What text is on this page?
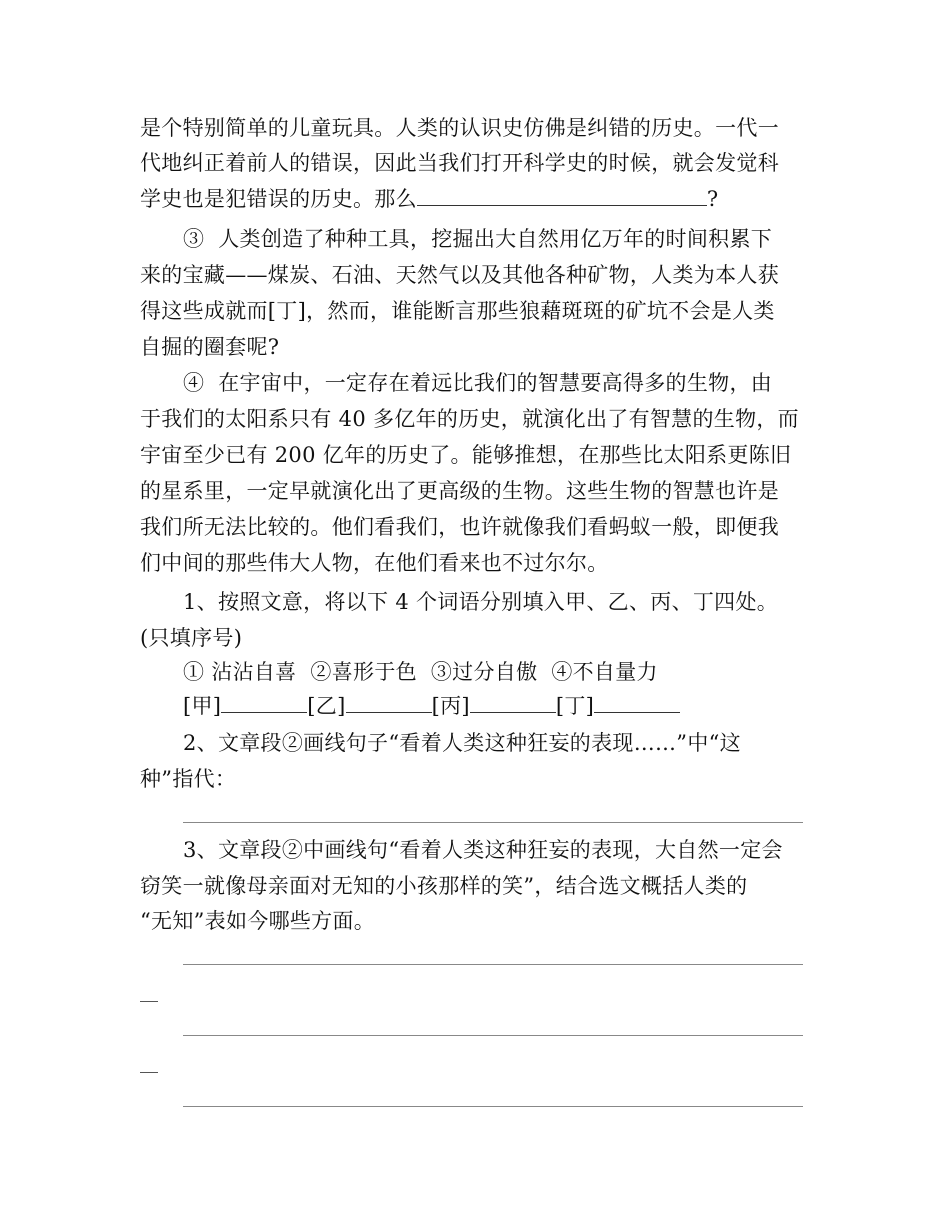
是个特别简单的儿童玩具。人类的认识史仿佛是纠错的历史。一代一
代地纠正着前人的错误，因此当我们打开科学史的时候，就会发觉科
学史也是犯错误的历史。那么	?
③  人类创造了种种工具，挖掘出大自然用亿万年的时间积累下
来的宝藏——煤炭、石油、天然气以及其他各种矿物，人类为本人获
得这些成就而[丁]，然而，谁能断言那些狼藉斑斑的矿坑不会是人类
自掘的圈套呢?
④  在宇宙中，一定存在着远比我们的智慧要高得多的生物，由
于我们的太阳系只有 40 多亿年的历史，就演化出了有智慧的生物，而
宇宙至少已有 200 亿年的历史了。能够推想，在那些比太阳系更陈旧
的星系里，一定早就演化出了更高级的生物。这些生物的智慧也许是
我们所无法比较的。他们看我们，也许就像我们看蚂蚁一般，即便我
们中间的那些伟大人物，在他们看来也不过尔尔。
1、按照文意，将以下 4 个词语分别填入甲、乙、丙、丁四处。
(只填序号)
① 沾沾自喜  ②喜形于色  ③过分自傲  ④不自量力
[甲]	[乙]	[丙]	[丁]
2、文章段②画线句子“看着人类这种狂妄的表现……”中“这
种”指代：
3、文章段②中画线句“看着人类这种狂妄的表现，大自然一定会
窃笑一就像母亲面对无知的小孩那样的笑”，结合选文概括人类的
“无知”表如今哪些方面。
